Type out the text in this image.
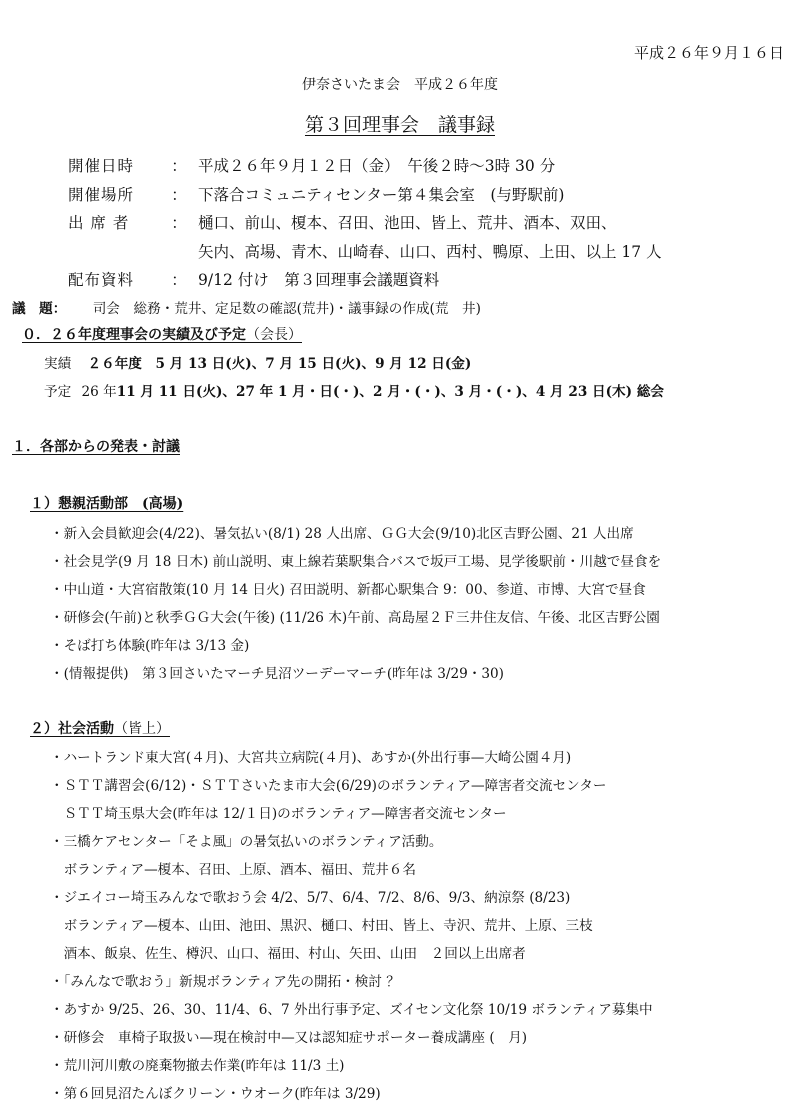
平成２６年９月１６日
伊奈さいたま会　平成２６年度
第３回理事会　議事録
開催日時 ： 平成２６年９月１２日（金）　午後２時〜3時 30 分
開催場所 ： 下落合コミュニティセンター第４集会室　(与野駅前)
出 席 者	： 樋口、前山、榎本、召田、池田、皆上、荒井、酒本、双田、
矢内、高場、青木、山崎春、山口、西村、鴨原、上田、以上 17 人
配布資料 ： 9/12 付け　第３回理事会議題資料
議　題： 司会　総務・荒井、定足数の確認(荒井)・議事録の作成(荒　井)
０．２６年度理事会の実績及び予定（会長）
実績 ２６年度　5 月 13 日(火)、7 月 15 日(火)、9 月 12 日(金)
予定 26 年11 月 11 日(火)、27 年 1 月・日(・)、2 月・(・)、3 月・(・)、4 月 23 日(木) 総会
１．各部からの発表・討議
１）懇親活動部　(高場)
・新入会員歓迎会(4/22)、暑気払い(8/1) 28 人出席、ＧＧ大会(9/10)北区吉野公園、21 人出席
・社会見学(9 月 18 日木) 前山説明、東上線若葉駅集合バスで坂戸工場、見学後駅前・川越で昼食を
・中山道・大宮宿散策(10 月 14 日火) 召田説明、新都心駅集合 9：00、参道、市博、大宮で昼食
・研修会(午前)と秋季ＧＧ大会(午後) (11/26 木)午前、高島屋２Ｆ三井住友信、午後、北区吉野公園
・そば打ち体験(昨年は 3/13 金)
・(情報提供)　第３回さいたマーチ見沼ツーデーマーチ(昨年は 3/29・30)
２）社会活動（皆上）
・ハートランド東大宮(４月)、大宮共立病院(４月)、あすか(外出行事—大崎公園４月)
・ＳＴＴ講習会(6/12)・ＳＴＴさいたま市大会(6/29)のボランティア—障害者交流センター
　ＳＴＴ埼玉県大会(昨年は 12/１日)のボランティア—障害者交流センター
・三橋ケアセンター「そよ風」の暑気払いのボランティア活動。
　ボランティア—榎本、召田、上原、酒本、福田、荒井６名
・ジエイコー埼玉みんなで歌おう会 4/2、5/7、6/4、7/2、8/6、9/3、納涼祭 (8/23)
　ボランティア—榎本、山田、池田、黒沢、樋口、村田、皆上、寺沢、荒井、上原、三枝
　酒本、飯泉、佐生、樽沢、山口、福田、村山、矢田、山田　２回以上出席者
・「みんなで歌おう」新規ボランティア先の開拓・検討 ？
・あすか 9/25、26、30、11/4、6、7 外出行事予定、ズイセン文化祭 10/19 ボランティア募集中
・研修会　車椅子取扱い—現在検討中—又は認知症サポーター養成講座 (　月)
・荒川河川敷の廃棄物撤去作業(昨年は 11/3 土)
・第６回見沼たんぼクリーン・ウオーク(昨年は 3/29)
